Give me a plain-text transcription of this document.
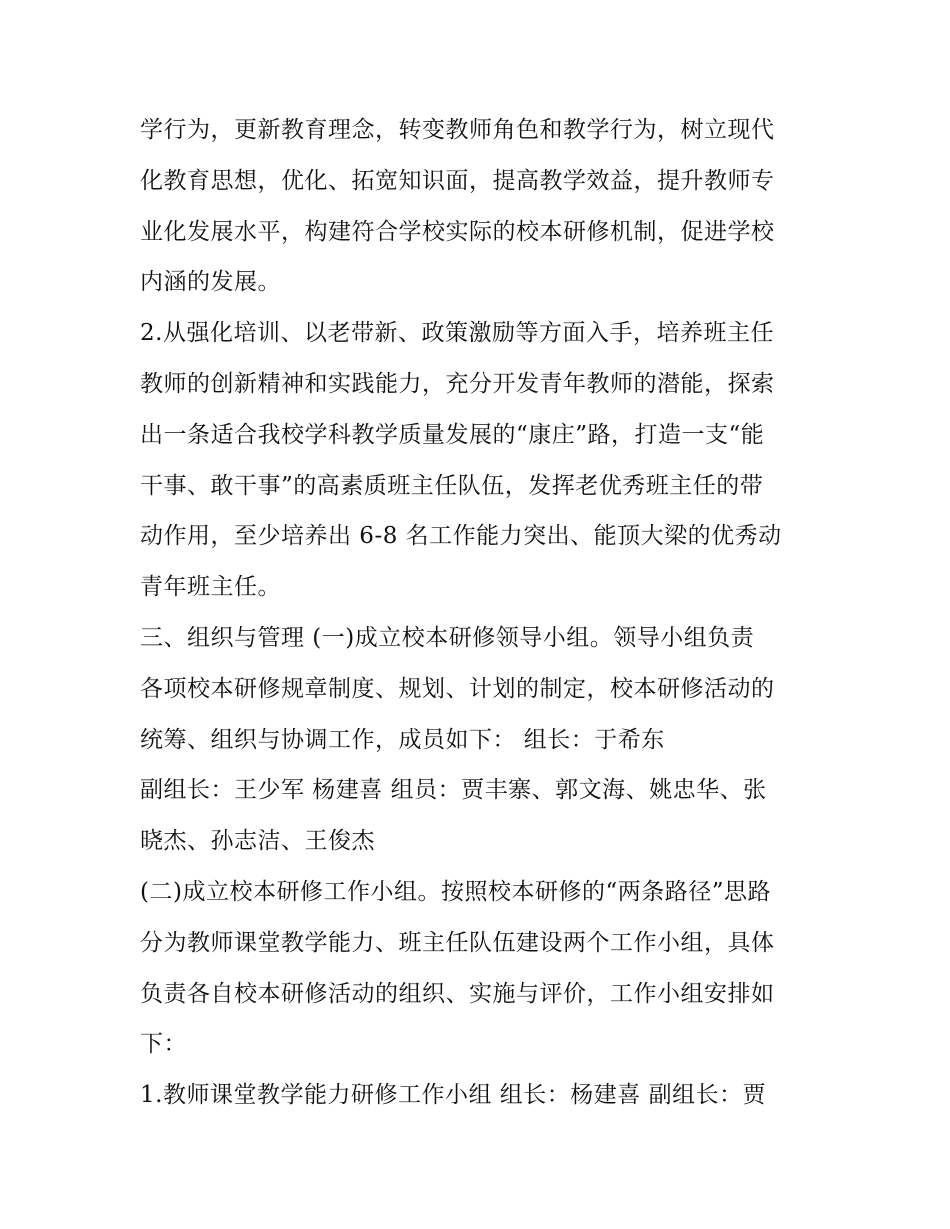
学行为，更新教育理念，转变教师角色和教学行为，树立现代
化教育思想，优化、拓宽知识面，提高教学效益，提升教师专
业化发展水平，构建符合学校实际的校本研修机制，促进学校
内涵的发展。
2.从强化培训、以老带新、政策激励等方面入手，培养班主任
教师的创新精神和实践能力，充分开发青年教师的潜能，探索
出一条适合我校学科教学质量发展的“康庄”路，打造一支“能
干事、敢干事”的高素质班主任队伍，发挥老优秀班主任的带
动作用，至少培养出 6-8 名工作能力突出、能顶大梁的优秀动
青年班主任。
三、组织与管理 (一)成立校本研修领导小组。领导小组负责
各项校本研修规章制度、规划、计划的制定，校本研修活动的
统筹、组织与协调工作，成员如下： 组长：于希东
副组长：王少军 杨建喜 组员：贾丰寨、郭文海、姚忠华、张
晓杰、孙志洁、王俊杰
(二)成立校本研修工作小组。按照校本研修的“两条路径”思路
分为教师课堂教学能力、班主任队伍建设两个工作小组，具体
负责各自校本研修活动的组织、实施与评价，工作小组安排如
下：
1.教师课堂教学能力研修工作小组 组长：杨建喜 副组长：贾
